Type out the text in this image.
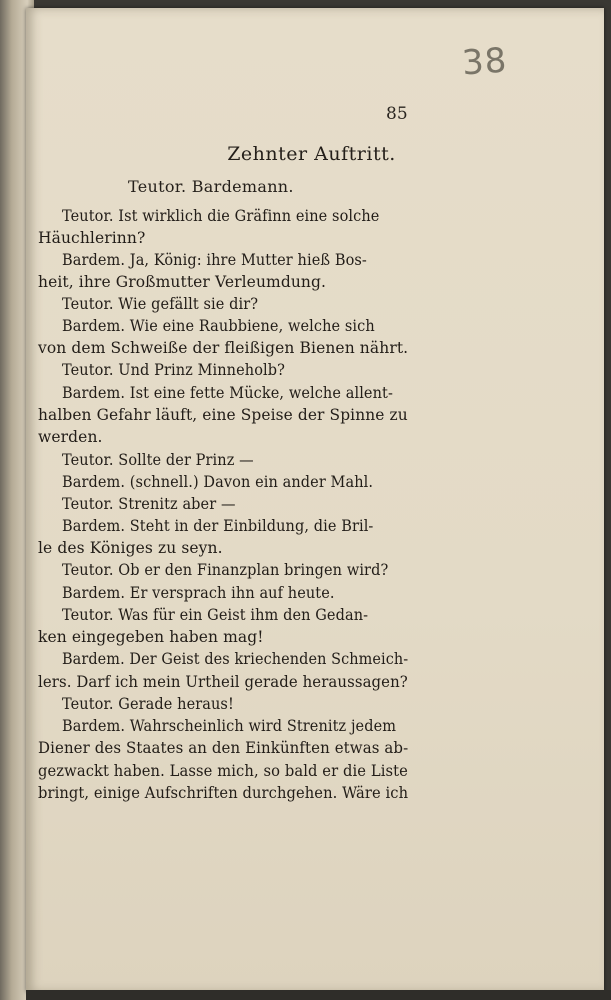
38
85
Zehnter Auftritt.
Teutor. Bardemann.
Teutor. Ist wirklich die Gräfinn eine solche
Häuchlerinn?
Bardem. Ja, König: ihre Mutter hieß Bos-
heit, ihre Großmutter Verleumdung.
Teutor. Wie gefällt sie dir?
Bardem. Wie eine Raubbiene, welche sich
von dem Schweiße der fleißigen Bienen nährt.
Teutor. Und Prinz Minneholb?
Bardem. Ist eine fette Mücke, welche allent-
halben Gefahr läuft, eine Speise der Spinne zu
werden.
Teutor. Sollte der Prinz —
Bardem. (schnell.) Davon ein ander Mahl.
Teutor. Strenitz aber —
Bardem. Steht in der Einbildung, die Bril-
le des Königes zu seyn.
Teutor. Ob er den Finanzplan bringen wird?
Bardem. Er versprach ihn auf heute.
Teutor. Was für ein Geist ihm den Gedan-
ken eingegeben haben mag!
Bardem. Der Geist des kriechenden Schmeich-
lers. Darf ich mein Urtheil gerade heraussagen?
Teutor. Gerade heraus!
Bardem. Wahrscheinlich wird Strenitz jedem
Diener des Staates an den Einkünften etwas ab-
gezwackt haben. Lasse mich, so bald er die Liste
bringt, einige Aufschriften durchgehen. Wäre ich
